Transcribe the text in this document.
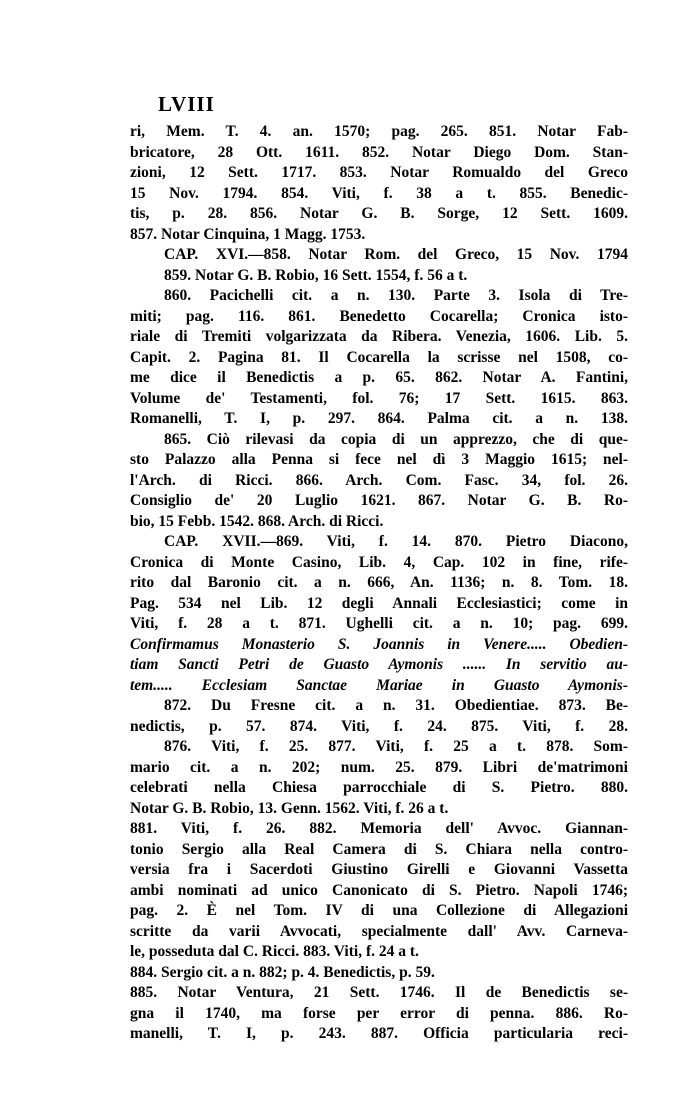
LVIII
ri, Mem. T. 4. an. 1570; pag. 265. 851. Notar Fab-
bricatore, 28 Ott. 1611. 852. Notar Diego Dom. Stan-
zioni, 12 Sett. 1717. 853. Notar Romualdo del Greco
15 Nov. 1794. 854. Viti, f. 38 a t. 855. Benedic-
tis, p. 28. 856. Notar G. B. Sorge, 12 Sett. 1609.
857. Notar Cinquina, 1 Magg. 1753.
CAP. XVI.—858. Notar Rom. del Greco, 15 Nov. 1794
859. Notar G. B. Robio, 16 Sett. 1554, f. 56 a t.
860. Pacichelli cit. a n. 130. Parte 3. Isola di Tre-
miti; pag. 116. 861. Benedetto Cocarella; Cronica isto-
riale di Tremiti volgarizzata da Ribera. Venezia, 1606. Lib. 5.
Capit. 2. Pagina 81. Il Cocarella la scrisse nel 1508, co-
me dice il Benedictis a p. 65. 862. Notar A. Fantini,
Volume de' Testamenti, fol. 76; 17 Sett. 1615. 863.
Romanelli, T. I, p. 297. 864. Palma cit. a n. 138.
865. Ciò rilevasi da copia di un apprezzo, che di que-
sto Palazzo alla Penna si fece nel dì 3 Maggio 1615; nel-
l'Arch. di Ricci. 866. Arch. Com. Fasc. 34, fol. 26.
Consiglio de' 20 Luglio 1621. 867. Notar G. B. Ro-
bio, 15 Febb. 1542. 868. Arch. di Ricci.
CAP. XVII.—869. Viti, f. 14. 870. Pietro Diacono,
Cronica di Monte Casino, Lib. 4, Cap. 102 in fine, rife-
rito dal Baronio cit. a n. 666, An. 1136; n. 8. Tom. 18.
Pag. 534 nel Lib. 12 degli Annali Ecclesiastici; come in
Viti, f. 28 a t. 871. Ughelli cit. a n. 10; pag. 699.
Confirmamus Monasterio S. Joannis in Venere..... Obedien-
tiam Sancti Petri de Guasto Aymonis ...... In servitio au-
tem..... Ecclesiam Sanctae Mariae in Guasto Aymonis-
872. Du Fresne cit. a n. 31. Obedientiae. 873. Be-
nedictis, p. 57. 874. Viti, f. 24. 875. Viti, f. 28.
876. Viti, f. 25. 877. Viti, f. 25 a t. 878. Som-
mario cit. a n. 202; num. 25. 879. Libri de'matrimoni
celebrati nella Chiesa parrocchiale di S. Pietro. 880.
Notar G. B. Robio, 13. Genn. 1562. Viti, f. 26 a t.
881. Viti, f. 26. 882. Memoria dell' Avvoc. Giannan-
tonio Sergio alla Real Camera di S. Chiara nella contro-
versia fra i Sacerdoti Giustino Girelli e Giovanni Vassetta
ambi nominati ad unico Canonicato di S. Pietro. Napoli 1746;
pag. 2. È nel Tom. IV di una Collezione di Allegazioni
scritte da varii Avvocati, specialmente dall' Avv. Carneva-
le, posseduta dal C. Ricci. 883. Viti, f. 24 a t.
884. Sergio cit. a n. 882; p. 4. Benedictis, p. 59.
885. Notar Ventura, 21 Sett. 1746. Il de Benedictis se-
gna il 1740, ma forse per error di penna. 886. Ro-
manelli, T. I, p. 243. 887. Officia particularia reci-
